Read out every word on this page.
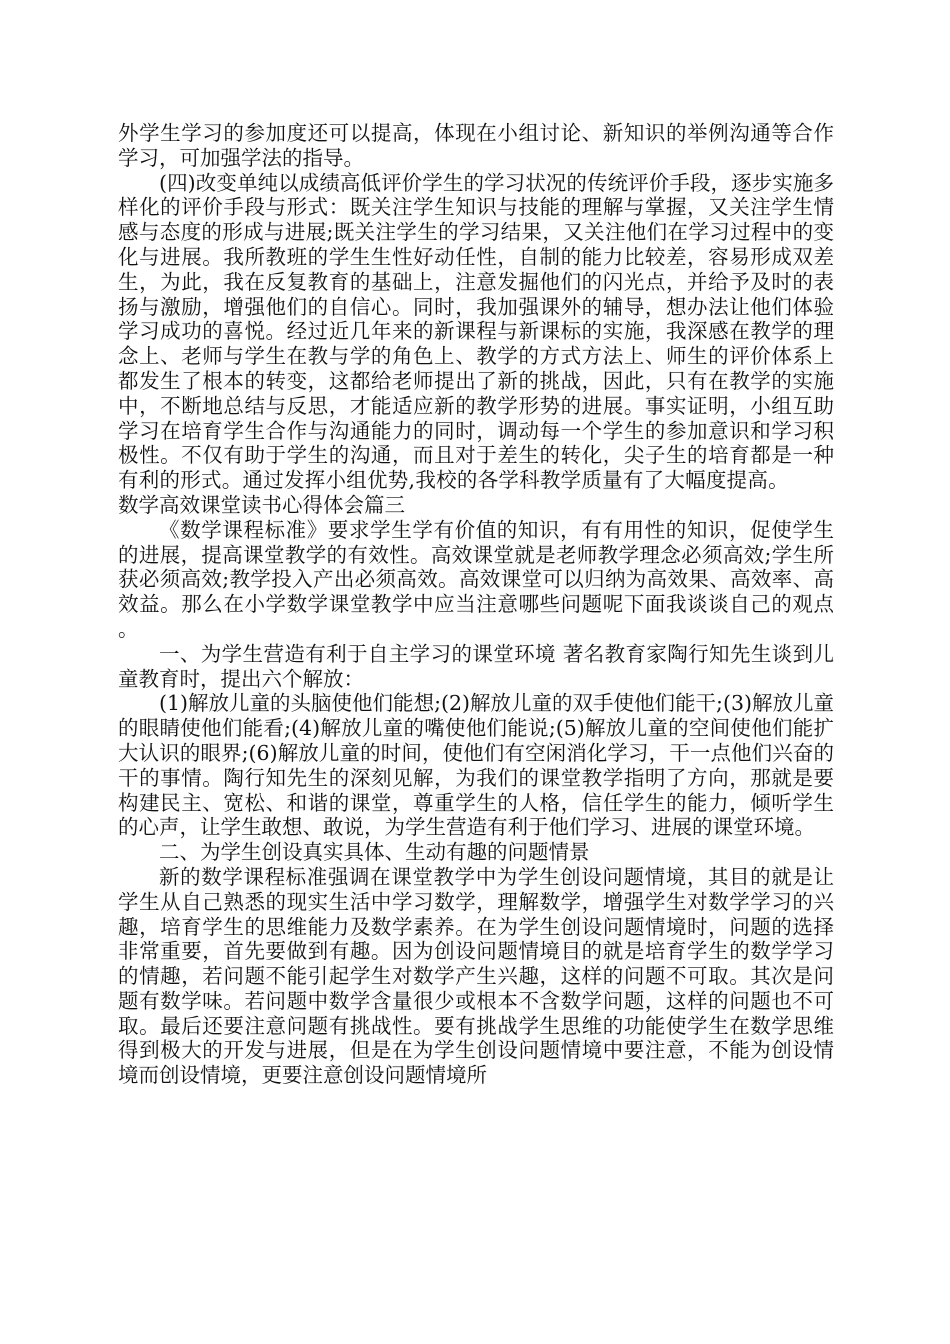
外学生学习的参加度还可以提高，体现在小组讨论、新知识的举例沟通等合作学习，可加强学法的指导。

(四)改变单纯以成绩高低评价学生的学习状况的传统评价手段，逐步实施多样化的评价手段与形式：既关注学生知识与技能的理解与掌握，又关注学生情感与态度的形成与进展;既关注学生的学习结果，又关注他们在学习过程中的变化与进展。我所教班的学生生性好动任性，自制的能力比较差，容易形成双差生，为此，我在反复教育的基础上，注意发掘他们的闪光点，并给予及时的表扬与激励，增强他们的自信心。同时，我加强课外的辅导，想办法让他们体验学习成功的喜悦。经过近几年来的新课程与新课标的实施，我深感在教学的理念上、老师与学生在教与学的角色上、教学的方式方法上、师生的评价体系上都发生了根本的转变，这都给老师提出了新的挑战，因此，只有在教学的实施中，不断地总结与反思，才能适应新的教学形势的进展。事实证明，小组互助学习在培育学生合作与沟通能力的同时，调动每一个学生的参加意识和学习积极性。不仅有助于学生的沟通，而且对于差生的转化，尖子生的培育都是一种有利的形式。通过发挥小组优势,我校的各学科教学质量有了大幅度提高。数学高效课堂读书心得体会篇三

《数学课程标准》要求学生学有价值的知识，有有用性的知识，促使学生的进展，提高课堂教学的有效性。高效课堂就是老师教学理念必须高效;学生所获必须高效;教学投入产出必须高效。高效课堂可以归纳为高效果、高效率、高效益。那么在小学数学课堂教学中应当注意哪些问题呢下面我谈谈自己的观点。

一、为学生营造有利于自主学习的课堂环境 著名教育家陶行知先生谈到儿童教育时，提出六个解放：

(1)解放儿童的头脑使他们能想;(2)解放儿童的双手使他们能干;(3)解放儿童的眼睛使他们能看;(4)解放儿童的嘴使他们能说;(5)解放儿童的空间使他们能扩大认识的眼界;(6)解放儿童的时间，使他们有空闲消化学习，干一点他们兴奋的干的事情。陶行知先生的深刻见解，为我们的课堂教学指明了方向，那就是要构建民主、宽松、和谐的课堂，尊重学生的人格，信任学生的能力，倾听学生的心声，让学生敢想、敢说，为学生营造有利于他们学习、进展的课堂环境。

二、为学生创设真实具体、生动有趣的问题情景

新的数学课程标准强调在课堂教学中为学生创设问题情境，其目的就是让学生从自己熟悉的现实生活中学习数学，理解数学，增强学生对数学学习的兴趣，培育学生的思维能力及数学素养。在为学生创设问题情境时，问题的选择非常重要，首先要做到有趣。因为创设问题情境目的就是培育学生的数学学习的情趣，若问题不能引起学生对数学产生兴趣，这样的问题不可取。其次是问题有数学味。若问题中数学含量很少或根本不含数学问题，这样的问题也不可取。最后还要注意问题有挑战性。要有挑战学生思维的功能使学生在数学思维得到极大的开发与进展，但是在为学生创设问题情境中要注意，不能为创设情境而创设情境，更要注意创设问题情境所
